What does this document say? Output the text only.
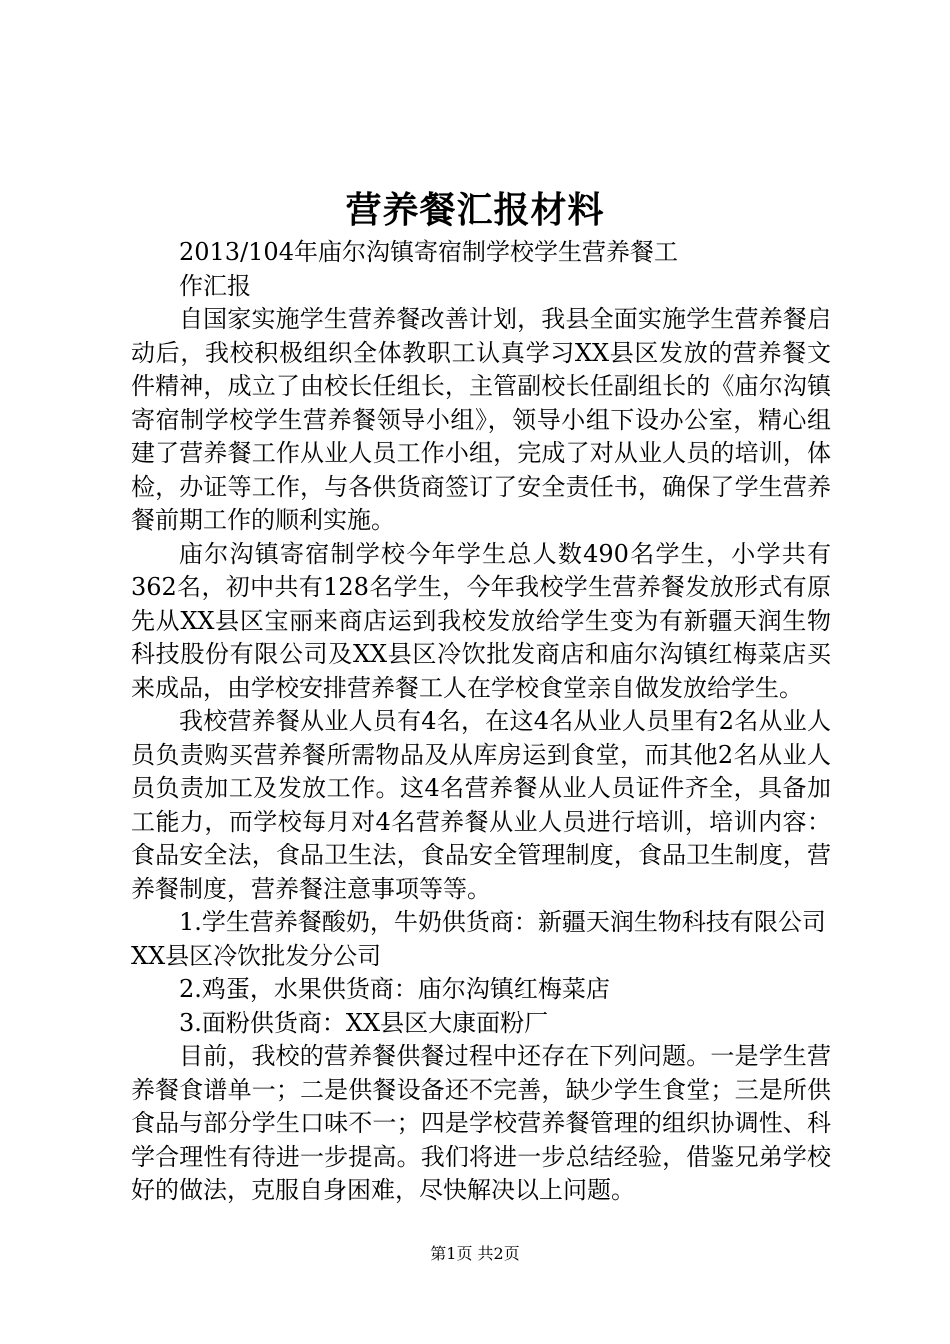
营养餐汇报材料

2013/104年庙尔沟镇寄宿制学校学生营养餐工作汇报

自国家实施学生营养餐改善计划，我县全面实施学生营养餐启动后，我校积极组织全体教职工认真学习XX县区发放的营养餐文件精神，成立了由校长任组长，主管副校长任副组长的《庙尔沟镇寄宿制学校学生营养餐领导小组》，领导小组下设办公室，精心组建了营养餐工作从业人员工作小组，完成了对从业人员的培训，体检，办证等工作，与各供货商签订了安全责任书，确保了学生营养餐前期工作的顺利实施。

庙尔沟镇寄宿制学校今年学生总人数490名学生，小学共有362名，初中共有128名学生，今年我校学生营养餐发放形式有原先从XX县区宝丽来商店运到我校发放给学生变为有新疆天润生物科技股份有限公司及XX县区冷饮批发商店和庙尔沟镇红梅菜店买来成品，由学校安排营养餐工人在学校食堂亲自做发放给学生。

我校营养餐从业人员有4名，在这4名从业人员里有2名从业人员负责购买营养餐所需物品及从库房运到食堂，而其他2名从业人员负责加工及发放工作。这4名营养餐从业人员证件齐全，具备加工能力，而学校每月对4名营养餐从业人员进行培训，培训内容：食品安全法，食品卫生法，食品安全管理制度，食品卫生制度，营养餐制度，营养餐注意事项等等。

1.学生营养餐酸奶，牛奶供货商：新疆天润生物科技有限公司XX县区冷饮批发分公司

2.鸡蛋，水果供货商：庙尔沟镇红梅菜店

3.面粉供货商：XX县区大康面粉厂

目前，我校的营养餐供餐过程中还存在下列问题。一是学生营养餐食谱单一；二是供餐设备还不完善，缺少学生食堂；三是所供食品与部分学生口味不一；四是学校营养餐管理的组织协调性、科学合理性有待进一步提高。我们将进一步总结经验，借鉴兄弟学校好的做法，克服自身困难，尽快解决以上问题。

第1页 共2页
